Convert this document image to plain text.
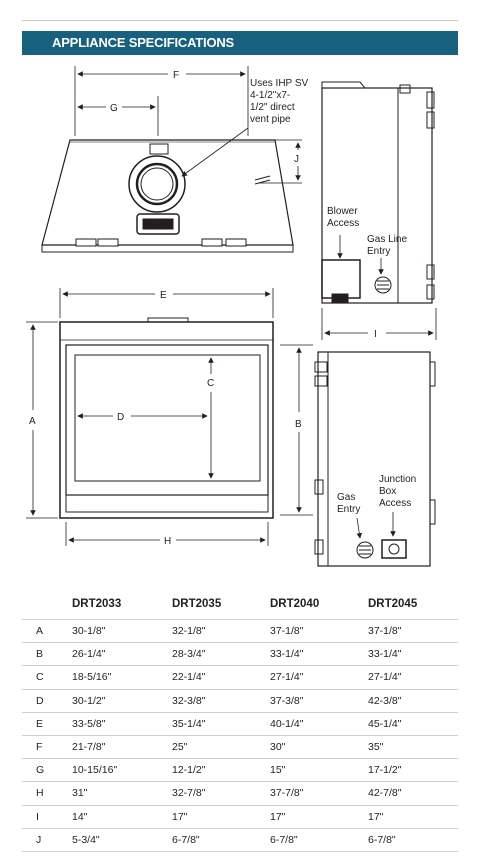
APPLIANCE SPECIFICATIONS
F
G
J
I
E
A
C
D
H
B
Uses IHP SV
4-1/2"x7-
1/2" direct
vent pipe
Blower
Access
Gas Line
Entry
Gas
Entry
Junction
Box
Access
	DRT2033	DRT2035	DRT2040	DRT2045
A	30-1/8"	32-1/8"	37-1/8"	37-1/8"
B	26-1/4"	28-3/4"	33-1/4"	33-1/4"
C	18-5/16"	22-1/4"	27-1/4"	27-1/4"
D	30-1/2"	32-3/8"	37-3/8"	42-3/8"
E	33-5/8"	35-1/4"	40-1/4"	45-1/4"
F	21-7/8"	25"	30"	35"
G	10-15/16"	12-1/2"	15"	17-1/2"
H	31"	32-7/8"	37-7/8"	42-7/8"
I	14"	17"	17"	17"
J	5-3/4"	6-7/8"	6-7/8"	6-7/8"
